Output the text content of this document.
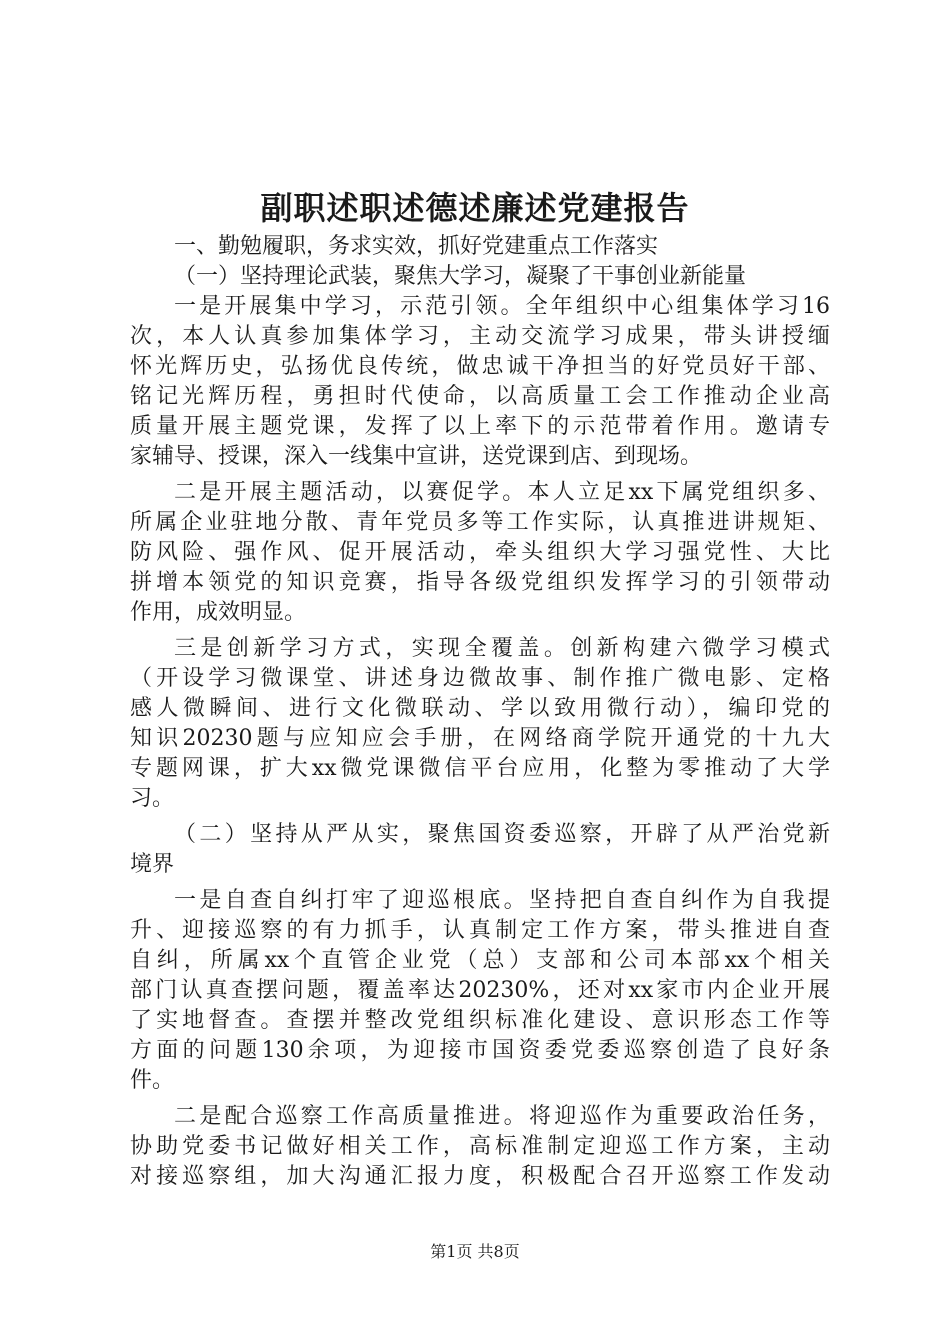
副职述职述德述廉述党建报告
一、勤勉履职，务求实效，抓好党建重点工作落实
（一）坚持理论武装，聚焦大学习，凝聚了干事创业新能量
一是开展集中学习，示范引领。全年组织中心组集体学习16
次，本人认真参加集体学习，主动交流学习成果，带头讲授缅
怀光辉历史，弘扬优良传统，做忠诚干净担当的好党员好干部、
铭记光辉历程，勇担时代使命，以高质量工会工作推动企业高
质量开展主题党课，发挥了以上率下的示范带着作用。邀请专
家辅导、授课，深入一线集中宣讲，送党课到店、到现场。
二是开展主题活动，以赛促学。本人立足xx下属党组织多、
所属企业驻地分散、青年党员多等工作实际，认真推进讲规矩、
防风险、强作风、促开展活动，牵头组织大学习强党性、大比
拼增本领党的知识竞赛，指导各级党组织发挥学习的引领带动
作用，成效明显。
三是创新学习方式，实现全覆盖。创新构建六微学习模式
（开设学习微课堂、讲述身边微故事、制作推广微电影、定格
感人微瞬间、进行文化微联动、学以致用微行动），编印党的
知识20230题与应知应会手册，在网络商学院开通党的十九大
专题网课，扩大xx微党课微信平台应用，化整为零推动了大学
习。
（二）坚持从严从实，聚焦国资委巡察，开辟了从严治党新
境界
一是自查自纠打牢了迎巡根底。坚持把自查自纠作为自我提
升、迎接巡察的有力抓手，认真制定工作方案，带头推进自查
自纠，所属xx个直管企业党（总）支部和公司本部xx个相关
部门认真查摆问题，覆盖率达20230%，还对xx家市内企业开展
了实地督查。查摆并整改党组织标准化建设、意识形态工作等
方面的问题130余项，为迎接市国资委党委巡察创造了良好条
件。
二是配合巡察工作高质量推进。将迎巡作为重要政治任务，
协助党委书记做好相关工作，高标准制定迎巡工作方案，主动
对接巡察组，加大沟通汇报力度，积极配合召开巡察工作发动
第1页 共8页
